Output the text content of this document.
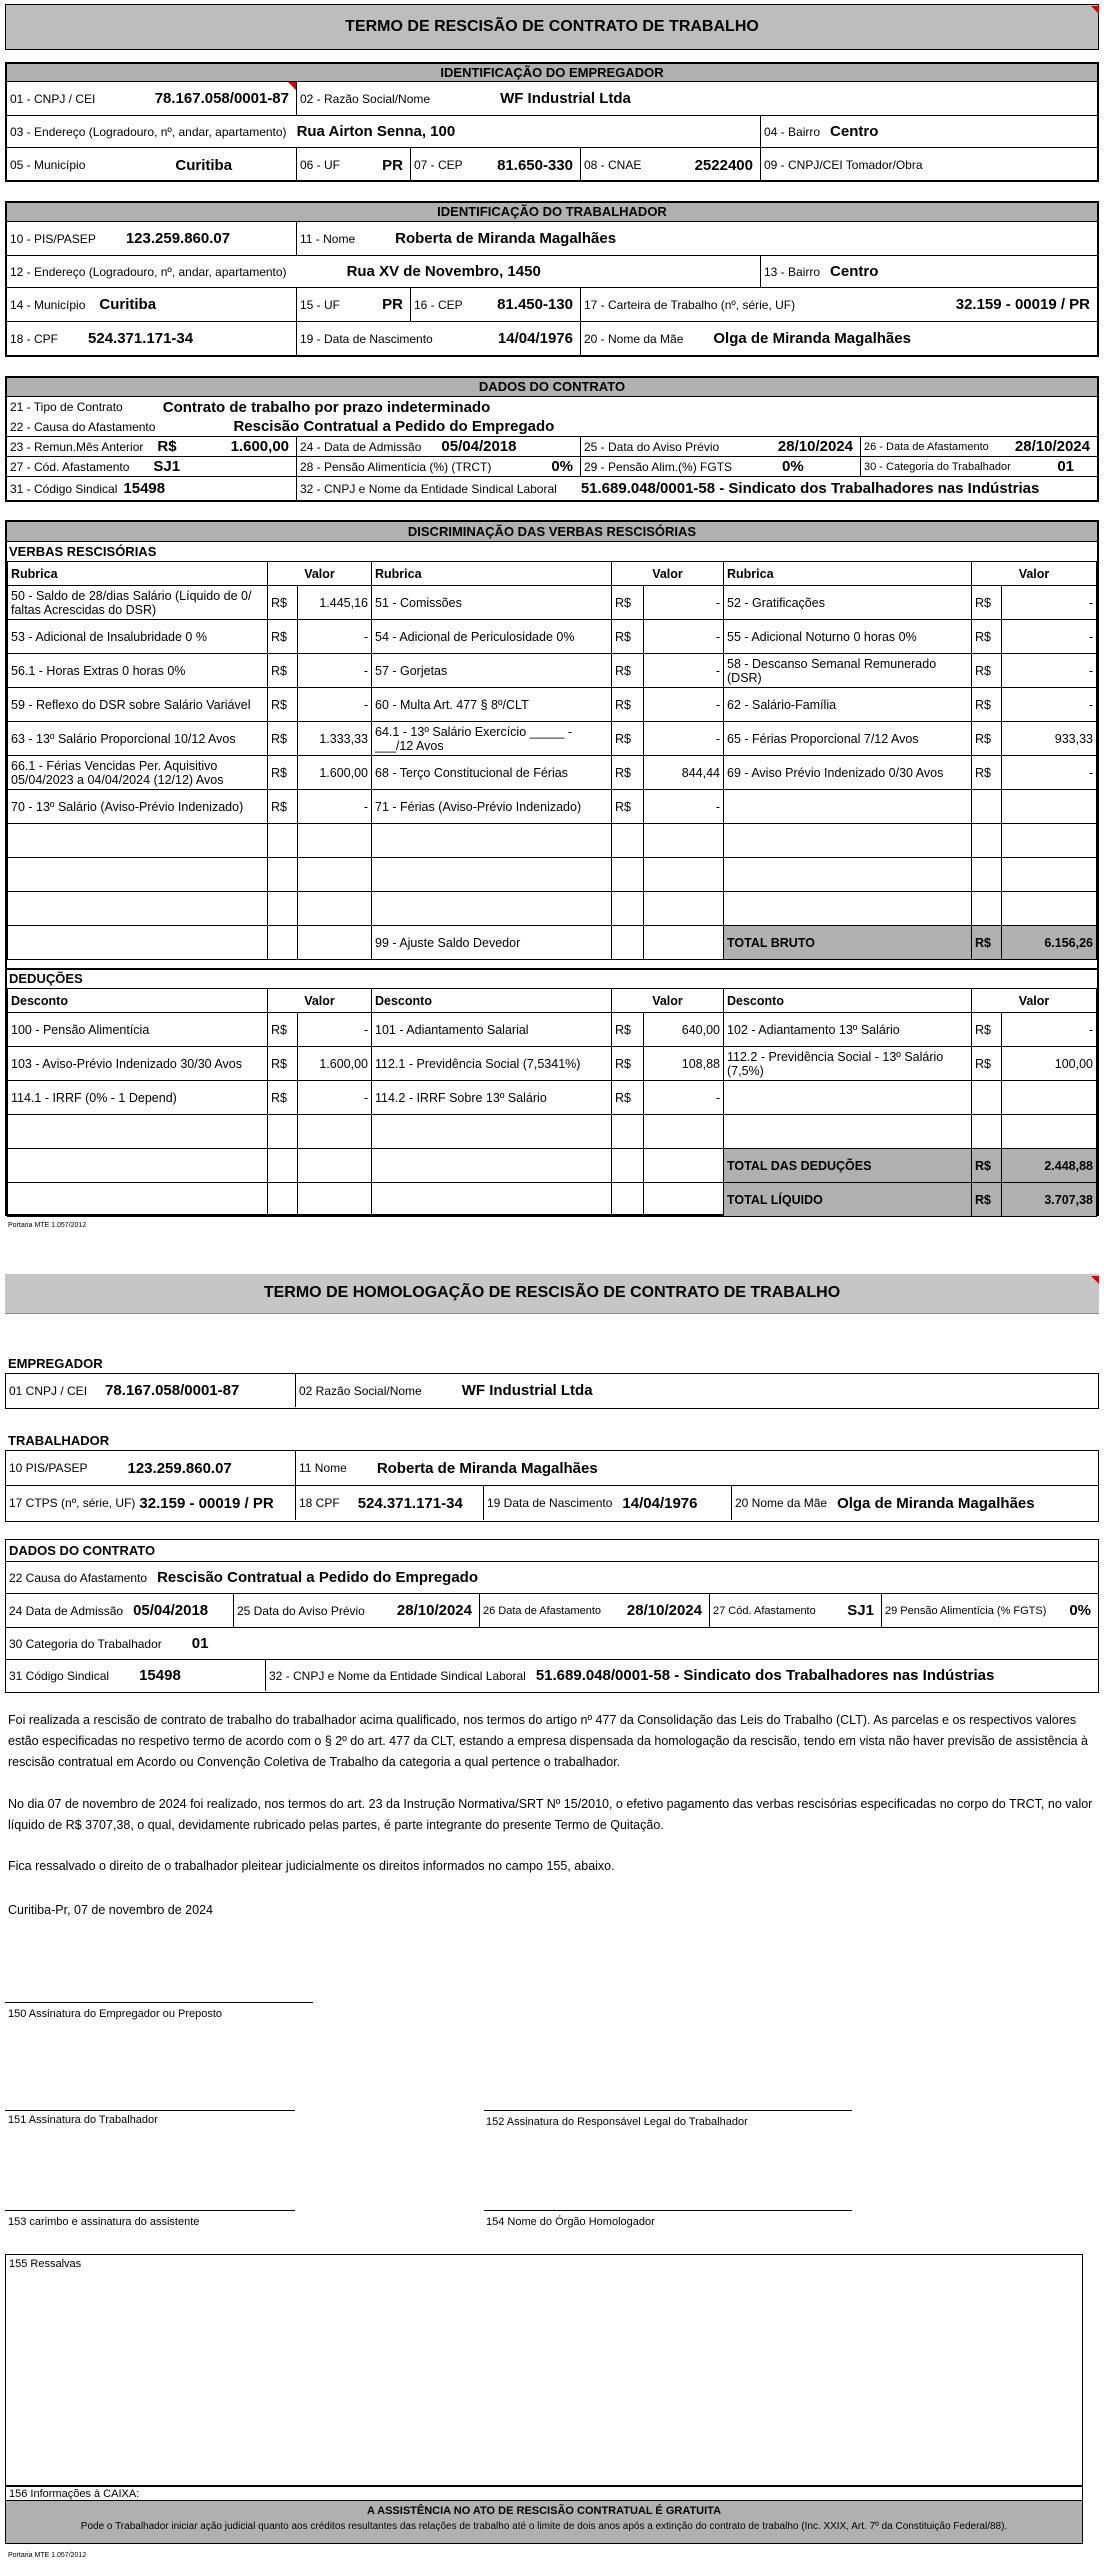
TERMO DE RESCISÃO DE CONTRATO DE TRABALHO
IDENTIFICAÇÃO DO EMPREGADOR
01 - CNPJ / CEI	78.167.058/0001-87 02 - Razão Social/Nome	WF Industrial Ltda
03 - Endereço (Logradouro, nº, andar, apartamento) Rua Airton Senna, 100	04 - Bairro Centro
05 - Município	Curitiba	06 - UF	PR 07 - CEP 81.650-330 08 - CNAE	2522400 09 - CNPJ/CEI Tomador/Obra
IDENTIFICAÇÃO DO TRABALHADOR
10 - PIS/PASEP	123.259.860.07	11 - Nome	Roberta de Miranda Magalhães
12 - Endereço (Logradouro, nº, andar, apartamento)	Rua XV de Novembro, 1450	13 - Bairro Centro
14 - Município Curitiba	15 - UF	PR 16 - CEP 81.450-130 17 - Carteira de Trabalho (nº, série, UF)	32.159 - 00019 / PR
18 - CPF	524.371.171-34	19 - Data de Nascimento	14/04/1976 20 - Nome da Mãe	Olga de Miranda Magalhães
DADOS DO CONTRATO
21 - Tipo de Contrato	Contrato de trabalho por prazo indeterminado
22 - Causa do Afastamento	Rescisão Contratual a Pedido do Empregado
23 - Remun.Mês Anterior R$	1.600,00 24 - Data de Admissão	05/04/2018	25 - Data do Aviso Prévio	28/10/2024	26 - Data de Afastamento 28/10/2024
27 - Cód. Afastamento	SJ1	28 - Pensão Alimentícia (%) (TRCT)	0% 29 - Pensão Alim.(%) FGTS	0%	30 - Categoria do Trabalhador	01
31 - Código Sindical 15498	32 - CNPJ e Nome da Entidade Sindical Laboral	51.689.048/0001-58 - Sindicato dos Trabalhadores nas Indústrias
DISCRIMINAÇÃO DAS VERBAS RESCISÓRIAS
VERBAS RESCISÓRIAS
Rubrica	Valor		Rubrica	Valor		Rubrica	Valor	
50 - Saldo de 28/dias Salário (Líquido de 0/ faltas Acrescidas do DSR)	R$	1.445,16	51 - Comissões	R$	-	52 - Gratificações	R$	-
53 - Adicional de Insalubridade 0 %	R$	-	54 - Adicional de Periculosidade 0%	R$	-	55 - Adicional Noturno 0 horas 0%	R$	-
56.1 - Horas Extras 0 horas 0%	R$	-	57 - Gorjetas	R$	-	58 - Descanso Semanal Remunerado (DSR)	R$	-
59 - Reflexo do DSR sobre Salário Variável	R$	-	60 - Multa Art. 477 § 8º/CLT	R$	-	62 - Salário-Família	R$	-
63 - 13º Salário Proporcional 10/12 Avos	R$	1.333,33	64.1 - 13º Salário Exercício _____ - ___/12 Avos	R$	-	65 - Férias Proporcional 7/12 Avos	R$	933,33
66.1 - Férias Vencidas Per. Aquisitivo 05/04/2023 a 04/04/2024 (12/12) Avos	R$	1.600,00	68 - Terço Constitucional de Férias	R$	844,44	69 - Aviso Prévio Indenizado 0/30 Avos	R$	-
70 - 13º Salário (Aviso-Prévio Indenizado)	R$	-	71 - Férias (Aviso-Prévio Indenizado)	R$	-			

			99 - Ajuste Saldo Devedor			TOTAL BRUTO	R$	6.156,26
DEDUÇÕES
Desconto	Valor		Desconto	Valor		Desconto	Valor	
100 - Pensão Alimentícia	R$	-	101 - Adiantamento Salarial	R$	640,00	102 - Adiantamento 13º Salário	R$	-
103 - Aviso-Prévio Indenizado 30/30 Avos	R$	1.600,00	112.1 - Previdência Social (7,5341%)	R$	108,88	112.2 - Previdência Social - 13º Salário (7,5%)	R$	100,00
114.1 - IRRF (0% - 1 Depend)	R$	-	114.2 - IRRF Sobre 13º Salário	R$	-			

						TOTAL DAS DEDUÇÕES	R$	2.448,88
						TOTAL LÍQUIDO	R$	3.707,38
Portaria MTE 1.057/2012
TERMO DE HOMOLOGAÇÃO DE RESCISÃO DE CONTRATO DE TRABALHO
EMPREGADOR
01 CNPJ / CEI	78.167.058/0001-87	02 Razão Social/Nome	WF Industrial Ltda
TRABALHADOR
10 PIS/PASEP	123.259.860.07	11 Nome	Roberta de Miranda Magalhães
17 CTPS (nº, série, UF) 32.159 - 00019 / PR 18 CPF	524.371.171-34 19 Data de Nascimento 14/04/1976	20 Nome da Mãe Olga de Miranda Magalhães
DADOS DO CONTRATO
22 Causa do Afastamento Rescisão Contratual a Pedido do Empregado
24 Data de Admissão 05/04/2018 25 Data do Aviso Prévio 28/10/2024	26 Data de Afastamento 28/10/2024	27 Cód. Afastamento SJ1	29 Pensão Alimentícia (% FGTS) 0%
30 Categoria do Trabalhador	01
31 Código Sindical	15498	32 - CNPJ e Nome da Entidade Sindical Laboral 51.689.048/0001-58 - Sindicato dos Trabalhadores nas Indústrias
Foi realizada a rescisão de contrato de trabalho do trabalhador acima qualificado, nos termos do artigo nº 477 da Consolidação das Leis do Trabalho (CLT). As parcelas e os respectivos valores estão especificadas no respetivo termo de acordo com o § 2º do art. 477 da CLT, estando a empresa dispensada da homologação da rescisão, tendo em vista não haver previsão de assistência à rescisão contratual em Acordo ou Convenção Coletiva de Trabalho da categoria a qual pertence o trabalhador.
No dia 07 de novembro de 2024 foi realizado, nos termos do art. 23 da Instrução Normativa/SRT Nº 15/2010, o efetivo pagamento das verbas rescisórias especificadas no corpo do TRCT, no valor líquido de R$ 3707,38, o qual, devidamente rubricado pelas partes, é parte integrante do presente Termo de Quitação.
Fica ressalvado o direito de o trabalhador pleitear judicialmente os direitos informados no campo 155, abaixo.
Curitiba-Pr, 07 de novembro de 2024
150 Assinatura do Empregador ou Preposto
151 Assinatura do Trabalhador	152 Assinatura do Responsável Legal do Trabalhador
153 carimbo e assinatura do assistente	154 Nome do Órgão Homologador
155 Ressalvas
156 Informações à CAIXA:
A ASSISTÊNCIA NO ATO DE RESCISÃO CONTRATUAL É GRATUITA
Pode o Trabalhador iniciar ação judicial quanto aos créditos resultantes das relações de trabalho até o limite de dois anos após a extinção do contrato de trabalho (Inc. XXIX, Art. 7º da Constituição Federal/88).
Portaria MTE 1.057/2012
